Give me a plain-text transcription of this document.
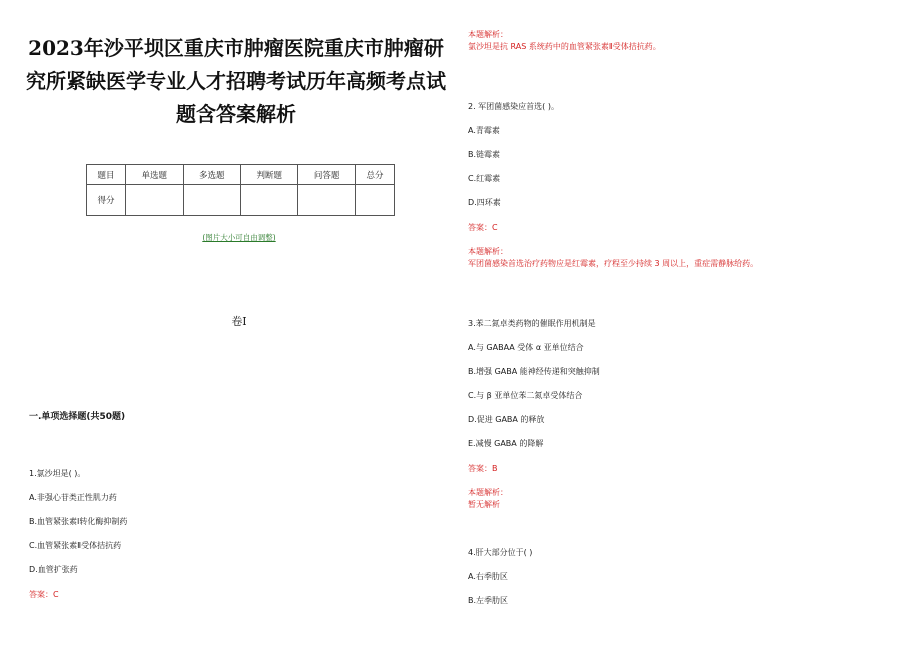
2023年沙平坝区重庆市肿瘤医院重庆市肿瘤研究所紧缺医学专业人才招聘考试历年高频考点试题含答案解析
题目	单选题	多选题	判断题	问答题	总分
得分					
(图片大小可自由调整)
卷Ⅰ
一.单项选择题(共50题)
1.氯沙坦是( )。
A.非强心苷类正性肌力药
B.血管紧张素Ⅰ转化酶抑制药
C.血管紧张素Ⅱ受体拮抗药
D.血管扩张药
答案：C
本题解析：
氯沙坦是抗 RAS 系统药中的血管紧张素Ⅱ受体拮抗药。
2. 军团菌感染应首选( )。
A.青霉素
B.链霉素
C.红霉素
D.四环素
答案：C
本题解析：
军团菌感染首选治疗药物应是红霉素，疗程至少持续 3 周以上，重症需静脉给药。
3.苯二氮卓类药物的催眠作用机制是
A.与 GABAA 受体 α 亚单位结合
B.增强 GABA 能神经传递和突触抑制
C.与 β 亚单位苯二氮卓受体结合
D.促进 GABA 的释放
E.减慢 GABA 的降解
答案：B
本题解析：
暂无解析
4.肝大部分位于( )
A.右季肋区
B.左季肋区
